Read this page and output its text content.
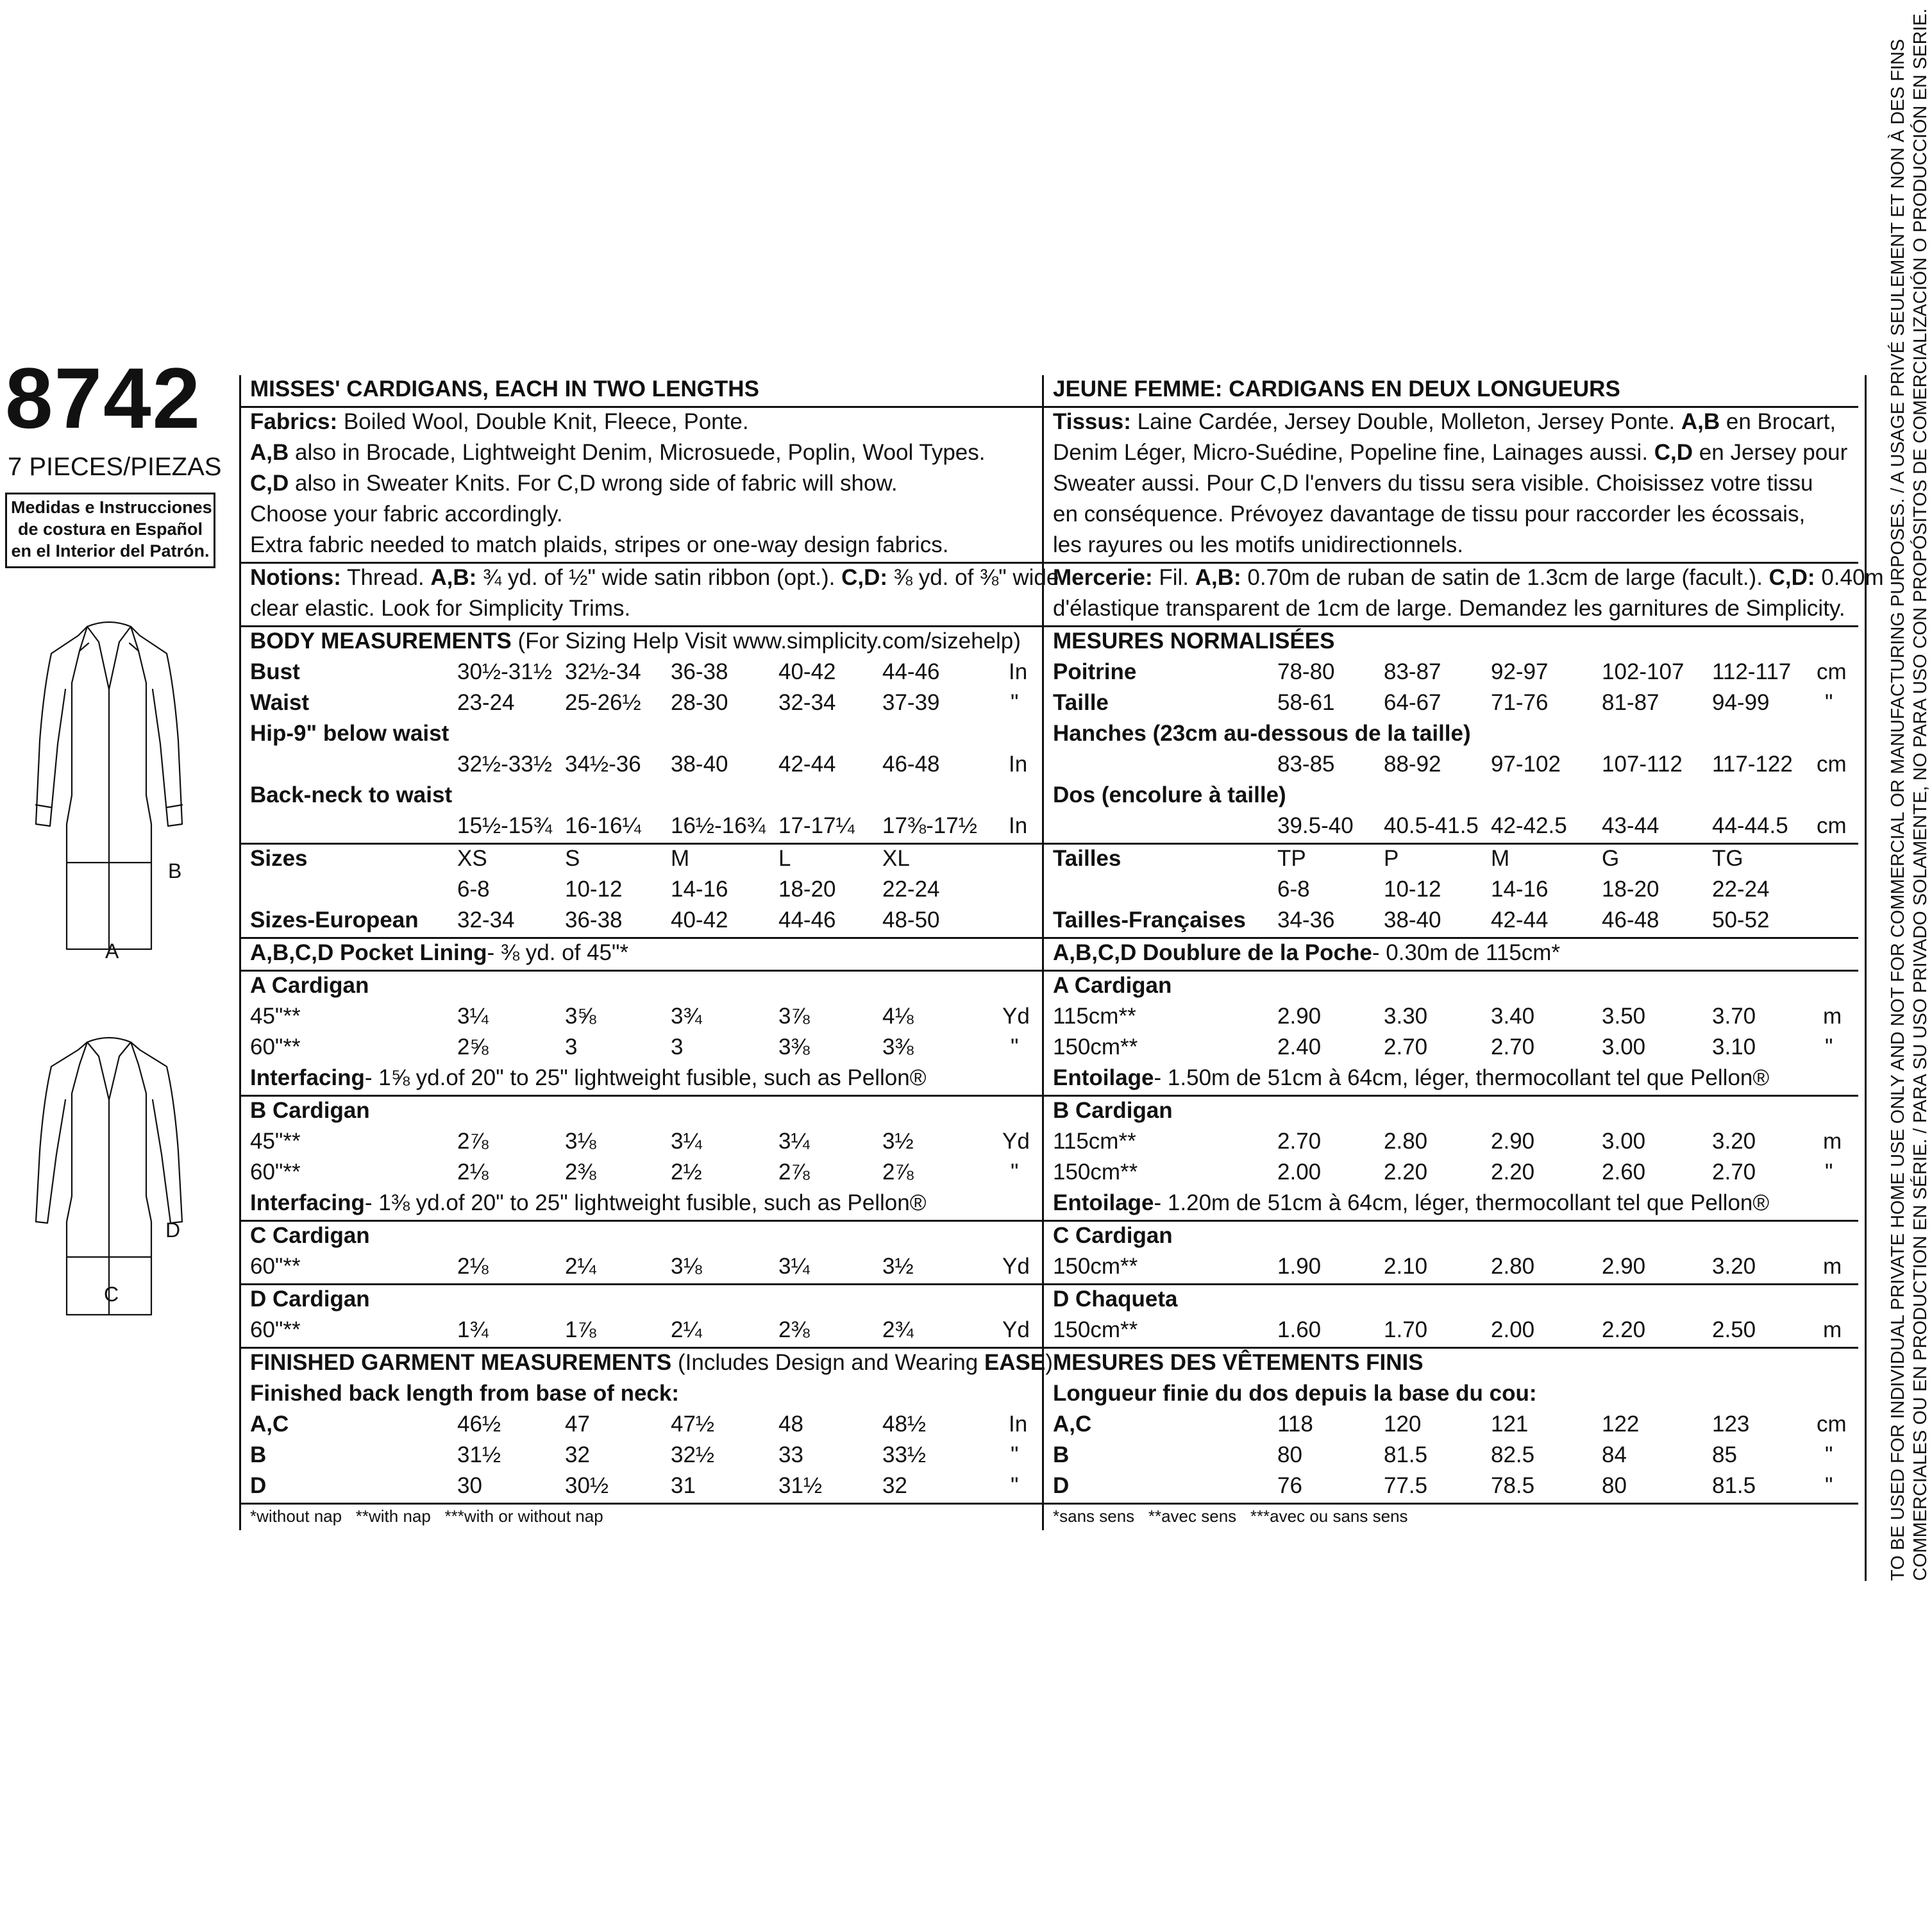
8742
7 PIECES/PIEZAS
Medidas e Instrucciones
de costura en Español
en el Interior del Patrón.
B
A
D
C
MISSES' CARDIGANS, EACH IN TWO LENGTHS
Fabrics: Boiled Wool, Double Knit, Fleece, Ponte.
A,B also in Brocade, Lightweight Denim, Microsuede, Poplin, Wool Types.
C,D also in Sweater Knits. For C,D wrong side of fabric will show.
Choose your fabric accordingly.
Extra fabric needed to match plaids, stripes or one-way design fabrics.
Notions: Thread. A,B: ¾ yd. of ½" wide satin ribbon (opt.). C,D: ⅜ yd. of ⅜" wide
clear elastic. Look for Simplicity Trims.
BODY MEASUREMENTS (For Sizing Help Visit www.simplicity.com/sizehelp)
Bust	30½-31½ 32½-34 36-38 40-42 44-46	In
Waist	23-24 25-26½ 28-30 32-34 37-39	"
Hip-9" below waist
32½-33½ 34½-36 38-40 42-44 46-48	In
Back-neck to waist
15½-15¾ 16-16¼ 16½-16¾ 17-17¼ 17⅜-17½ In
Sizes	XS	S	M	L	XL
6-8	10-12 14-16 18-20 22-24
Sizes-European 32-34 36-38 40-42 44-46 48-50
A,B,C,D Pocket Lining- ⅜ yd. of 45"*
A Cardigan
45"**	3¼	3⅝	3¾	3⅞	4⅛	Yd
60"**	2⅝	3	3	3⅜	3⅜	"
Interfacing- 1⅝ yd.of 20" to 25" lightweight fusible, such as Pellon®
B Cardigan
45"**	2⅞	3⅛	3¼	3¼	3½	Yd
60"**	2⅛	2⅜	2½	2⅞	2⅞	"
Interfacing- 1⅜ yd.of 20" to 25" lightweight fusible, such as Pellon®
C Cardigan
60"**	2⅛	2¼	3⅛	3¼	3½	Yd
D Cardigan
60"**	1¾	1⅞	2¼	2⅜	2¾	Yd
FINISHED GARMENT MEASUREMENTS (Includes Design and Wearing EASE)
Finished back length from base of neck:
A,C	46½	47	47½	48	48½	In
B	31½	32	32½	33	33½	"
D	30	30½	31	31½	32	"
*without nap   **with nap   ***with or without nap
JEUNE FEMME: CARDIGANS EN DEUX LONGUEURS
Tissus: Laine Cardée, Jersey Double, Molleton, Jersey Ponte. A,B en Brocart,
Denim Léger, Micro-Suédine, Popeline fine, Lainages aussi. C,D en Jersey pour
Sweater aussi. Pour C,D l'envers du tissu sera visible. Choisissez votre tissu
en conséquence. Prévoyez davantage de tissu pour raccorder les écossais,
les rayures ou les motifs unidirectionnels.
Mercerie: Fil. A,B: 0.70m de ruban de satin de 1.3cm de large (facult.). C,D: 0.40m
d'élastique transparent de 1cm de large. Demandez les garnitures de Simplicity.
MESURES NORMALISÉES
Poitrine	78-80 83-87 92-97 102-107 112-117 cm
Taille	58-61 64-67 71-76 81-87 94-99 "
Hanches (23cm au-dessous de la taille)
83-85 88-92 97-102 107-112 117-122 cm
Dos (encolure à taille)
39.5-40 40.5-41.5 42-42.5 43-44 44-44.5 cm
Tailles	TP	P	M	G	TG
6-8	10-12 14-16 18-20 22-24
Tailles-Françaises 34-36 38-40 42-44 46-48 50-52
A,B,C,D Doublure de la Poche- 0.30m de 115cm*
A Cardigan
115cm**	2.90	3.30	3.40	3.50	3.70	m
150cm**	2.40	2.70	2.70	3.00	3.10	"
Entoilage- 1.50m de 51cm à 64cm, léger, thermocollant tel que Pellon®
B Cardigan
115cm**	2.70	2.80	2.90	3.00	3.20	m
150cm**	2.00	2.20	2.20	2.60	2.70	"
Entoilage- 1.20m de 51cm à 64cm, léger, thermocollant tel que Pellon®
C Cardigan
150cm**	1.90	2.10	2.80	2.90	3.20	m
D Chaqueta
150cm**	1.60	1.70	2.00	2.20	2.50	m
MESURES DES VÊTEMENTS FINIS
Longueur finie du dos depuis la base du cou:
A,C	118	120	121	122	123	cm
B	80	81.5	82.5	84	85	"
D	76	77.5	78.5	80	81.5	"
*sans sens   **avec sens   ***avec ou sans sens	TO BE USED FOR INDIVIDUAL PRIVATE HOME USE ONLY AND NOT FOR COMMERCIAL OR MANUFACTURING PURPOSES. / A USAGE PRIVÉ SEULEMENT ET NON À DES FINS COMMERCIALES OU EN PRODUCTION EN SÉRIE. / PARA SU USO PRIVADO SOLAMENTE, NO PARA USO CON PROPÓSITOS DE COMERCIALIZACIÓN O PRODUCCIÓN EN SERIE.
